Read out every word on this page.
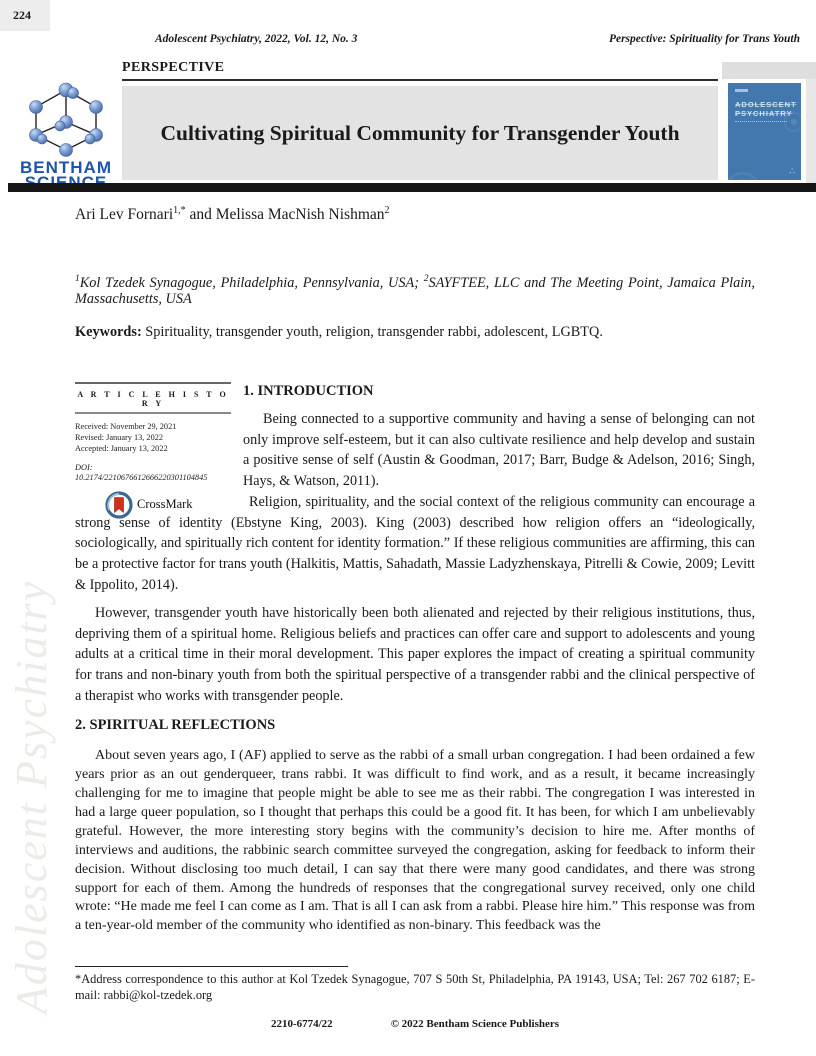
Adolescent Psychiatry
224
Adolescent Psychiatry, 2022, Vol. 12, No. 3	Perspective: Spirituality for Trans Youth
BENTHAM
PERSPECTIVE
Cultivating Spiritual Community for Transgender Youth
ADOLESCENT
PSYCHIATRY
∴

Ari Lev Fornari$^{1,*}$ and Melissa MacNish Nishman$^2$

$^1$Kol Tzedek Synagogue, Philadelphia, Pennsylvania, USA; $^2$SAYFTEE, LLC and The Meeting Point, Jamaica Plain, Massachusetts, USA

Keywords: Spirituality, transgender youth, religion, transgender rabbi, adolescent, LGBTQ.

A R T I C L E H I S T O R Y
Received: November 29, 2021
Revised: January 13, 2022
Accepted: January 13, 2022
DOI:
10.2174/2210676612666220301104845
CrossMark
1. INTRODUCTION

Being connected to a supportive community and having a sense of belonging can not only improve self-esteem, but it can also cultivate resilience and help develop and sustain a positive sense of self (Austin & Goodman, 2017; Barr, Budge & Adelson, 2016; Singh, Hays, & Watson, 2011).

Religion, spirituality, and the social context of the religious community can encourage a strong sense of identity (Ebstyne King, 2003). King (2003) described how religion offers an “ideologically, sociologically, and spiritually rich content for identity formation.” If these religious communities are affirming, this can be a protective factor for trans youth (Halkitis, Mattis, Sahadath, Massie Ladyzhenskaya, Pitrelli & Cowie, 2009; Levitt & Ippolito, 2014).

However, transgender youth have historically been both alienated and rejected by their religious institutions, thus, depriving them of a spiritual home. Religious beliefs and practices can offer care and support to adolescents and young adults at a critical time in their moral development. This paper explores the impact of creating a spiritual community for trans and non-binary youth from both the spiritual perspective of a transgender rabbi and the clinical perspective of a therapist who works with transgender people.

2. SPIRITUAL REFLECTIONS

About seven years ago, I (AF) applied to serve as the rabbi of a small urban congregation. I had been ordained a few years prior as an out genderqueer, trans rabbi. It was difficult to find work, and as a result, it became increasingly challenging for me to imagine that people might be able to see me as their rabbi. The congregation I was interested in had a large queer population, so I thought that perhaps this could be a good fit. It has been, for which I am unbelievably grateful. However, the more interesting story begins with the community’s decision to hire me. After months of interviews and auditions, the rabbinic search committee surveyed the congregation, asking for feedback to inform their decision. Without disclosing too much detail, I can say that there were many good candidates, and there was strong support for each of them. Among the hundreds of responses that the congregational survey received, only one child wrote: “He made me feel I can come as I am. That is all I can ask from a rabbi. Please hire him.” This response was from a ten-year-old member of the community who identified as non-binary. This feedback was the

*Address correspondence to this author at Kol Tzedek Synagogue, 707 S 50th St, Philadelphia, PA 19143, USA; Tel: 267 702 6187; E-mail: rabbi@kol-tzedek.org

2210-6774/22	© 2022 Bentham Science Publishers
